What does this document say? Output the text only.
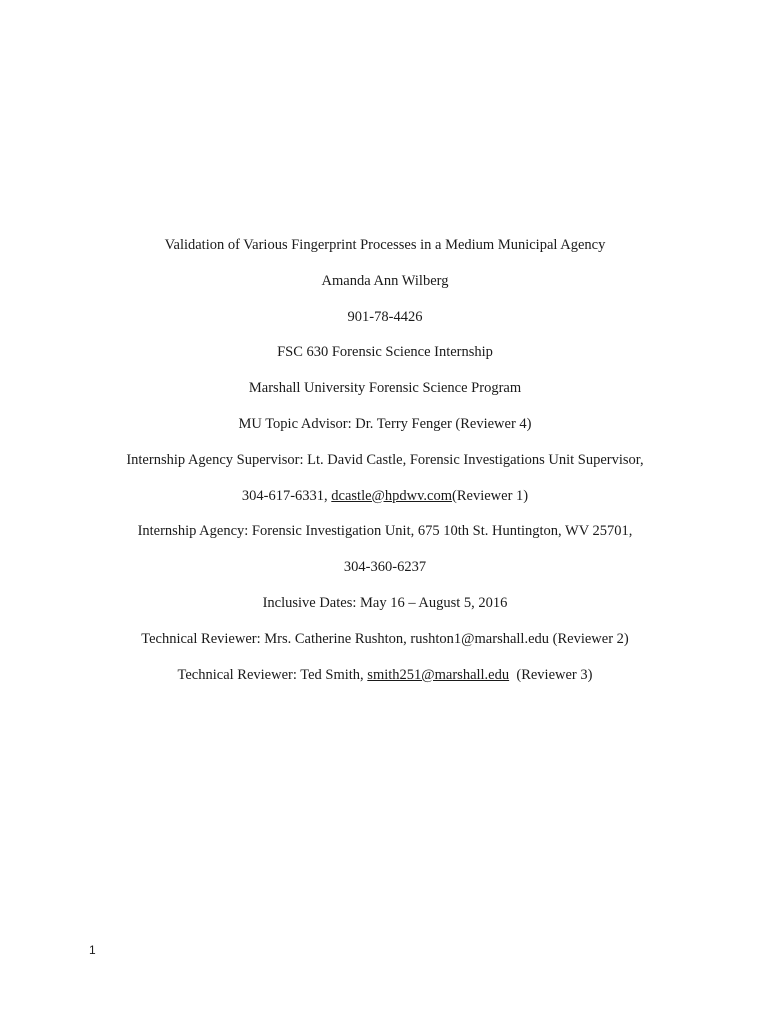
Validation of Various Fingerprint Processes in a Medium Municipal Agency
Amanda Ann Wilberg
901-78-4426
FSC 630 Forensic Science Internship
Marshall University Forensic Science Program
MU Topic Advisor: Dr. Terry Fenger (Reviewer 4)
Internship Agency Supervisor: Lt. David Castle, Forensic Investigations Unit Supervisor,
304-617-6331, dcastle@hpdwv.com(Reviewer 1)
Internship Agency: Forensic Investigation Unit, 675 10th St. Huntington, WV 25701,
304-360-6237
Inclusive Dates: May 16 – August 5, 2016
Technical Reviewer: Mrs. Catherine Rushton, rushton1@marshall.edu (Reviewer 2)
Technical Reviewer: Ted Smith, smith251@marshall.edu  (Reviewer 3)
1
